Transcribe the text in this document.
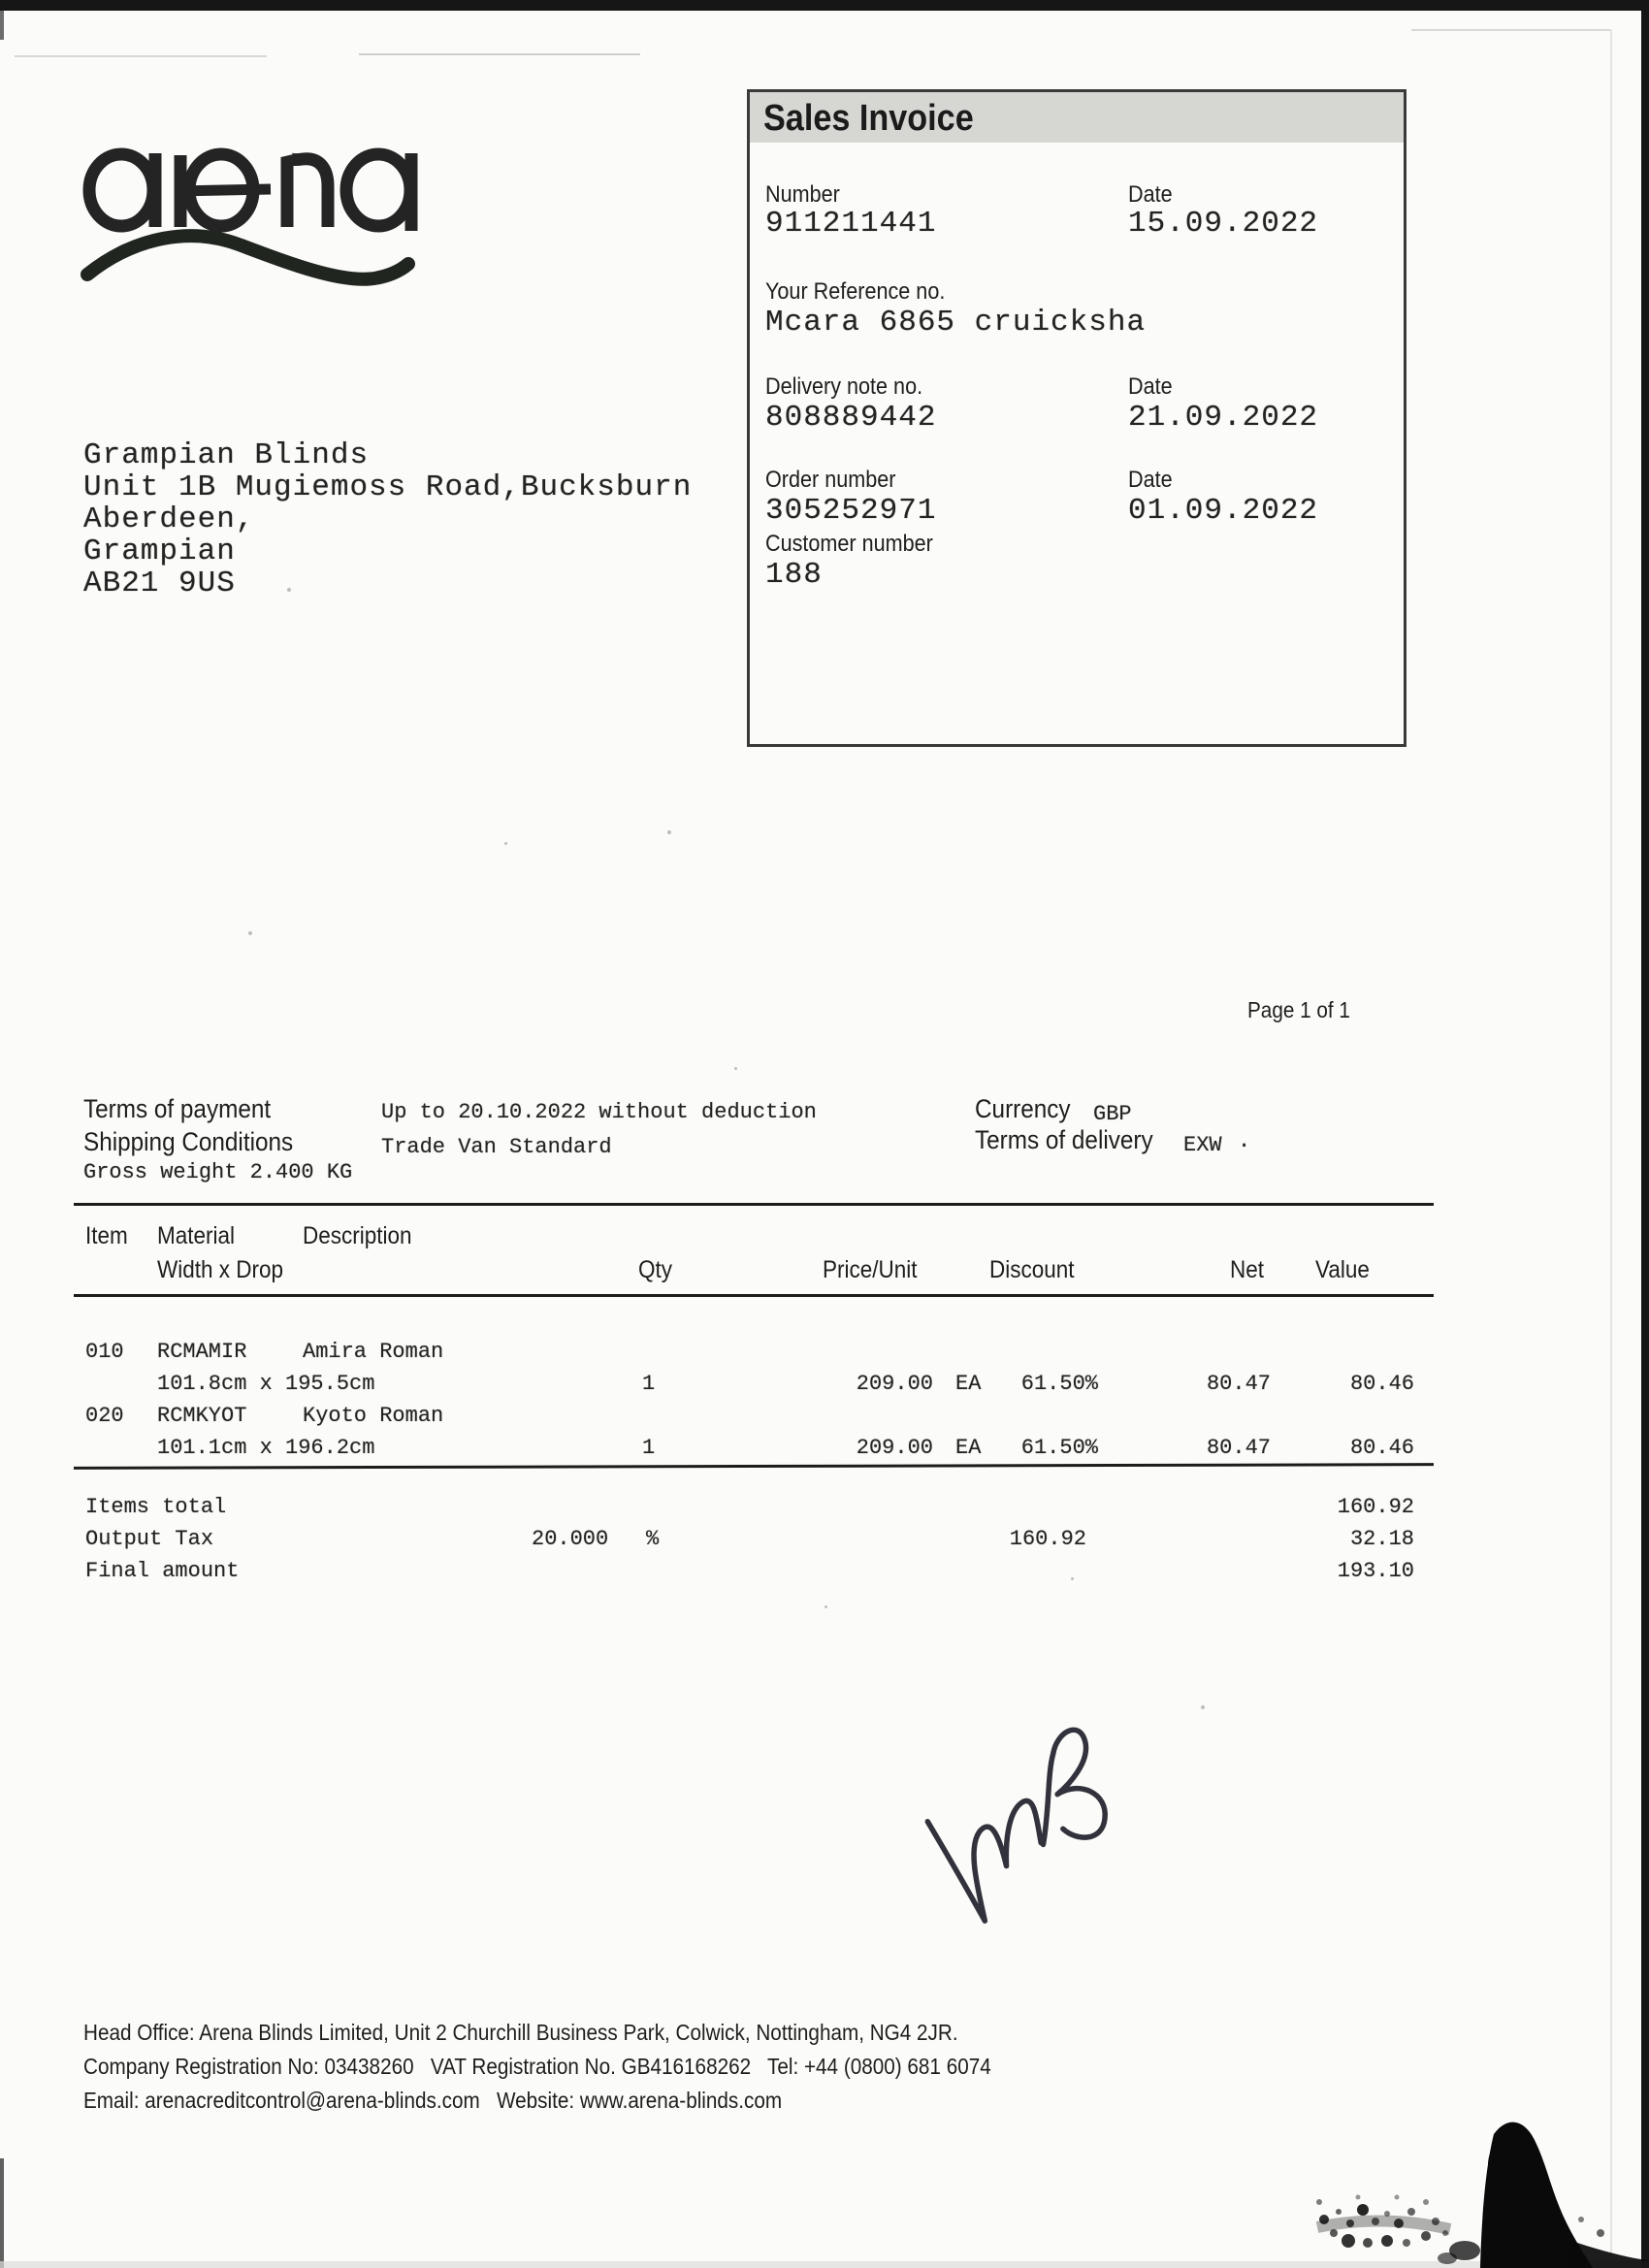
Grampian Blinds
Unit 1B Mugiemoss Road,Bucksburn
Aberdeen,
Grampian
AB21 9US
Sales Invoice
Number
911211441
Date
15.09.2022
Your Reference no.
Mcara 6865 cruicksha
Delivery note no.
808889442
Date
21.09.2022
Order number
305252971
Date
01.09.2022
Customer number
188
Page 1 of 1
Terms of payment	Up to 20.10.2022 without deduction
Shipping Conditions	Trade Van Standard
Currency GBP
Terms of delivery EXW .
Gross weight 2.400 KG
Item Material	Description
Width x Drop	Qty	Price/Unit	Discount	Net Value
010 RCMAMIR	Amira Roman
101.8cm x 195.5cm	1	209.00 EA 61.50%	80.47	80.46
020 RCMKYOT	Kyoto Roman
101.1cm x 196.2cm	1	209.00 EA 61.50%	80.47	80.46
Items total	160.92
Output Tax	20.000 %	160.92	32.18
Final amount	193.10
Head Office: Arena Blinds Limited, Unit 2 Churchill Business Park, Colwick, Nottingham, NG4 2JR.
Company Registration No: 03438260   VAT Registration No. GB416168262   Tel: +44 (0800) 681 6074
Email: arenacreditcontrol@arena-blinds.com   Website: www.arena-blinds.com
